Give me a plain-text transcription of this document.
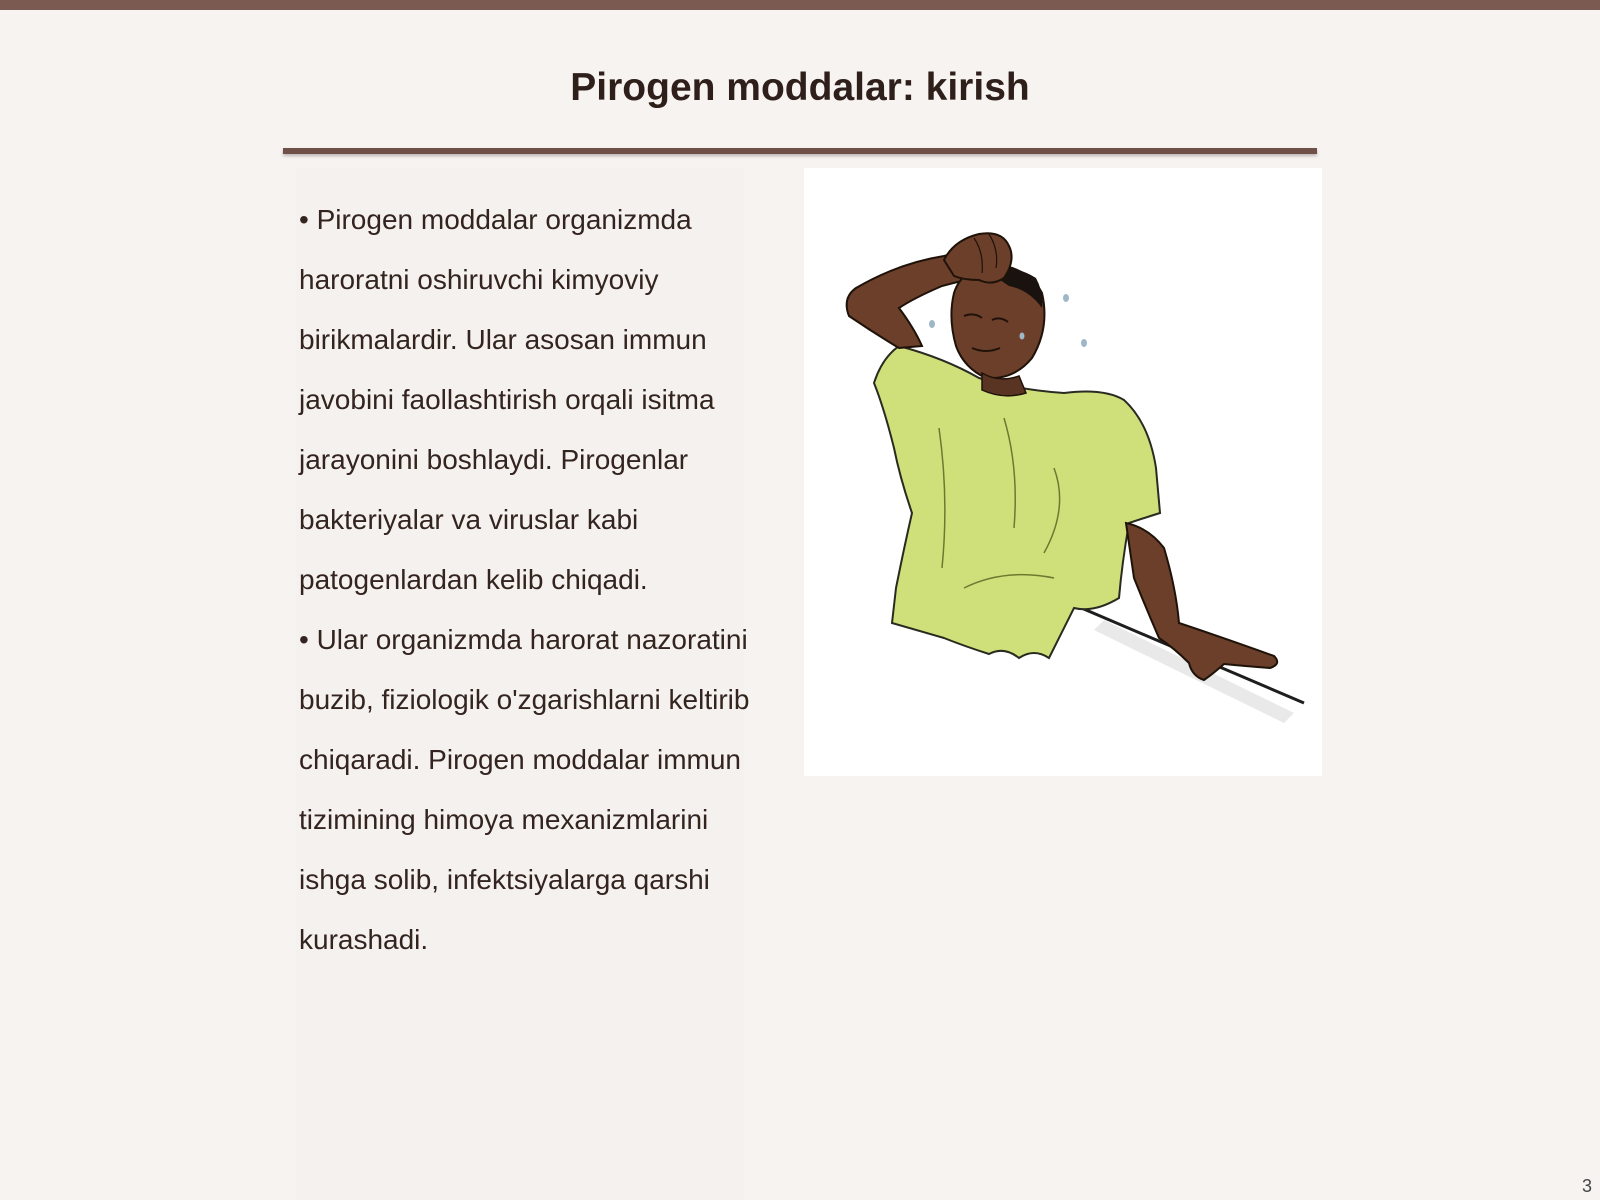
Pirogen moddalar: kirish

• Pirogen moddalar organizmda haroratni oshiruvchi kimyoviy birikmalardir. Ular asosan immun javobini faollashtirish orqali isitma jarayonini boshlaydi. Pirogenlar bakteriyalar va viruslar kabi patogenlardan kelib chiqadi.

• Ular organizmda harorat nazoratini buzib, fiziologik o'zgarishlarni keltirib chiqaradi. Pirogen moddalar immun tizimining himoya mexanizmlarini ishga solib, infektsiyalarga qarshi kurashadi.

3
